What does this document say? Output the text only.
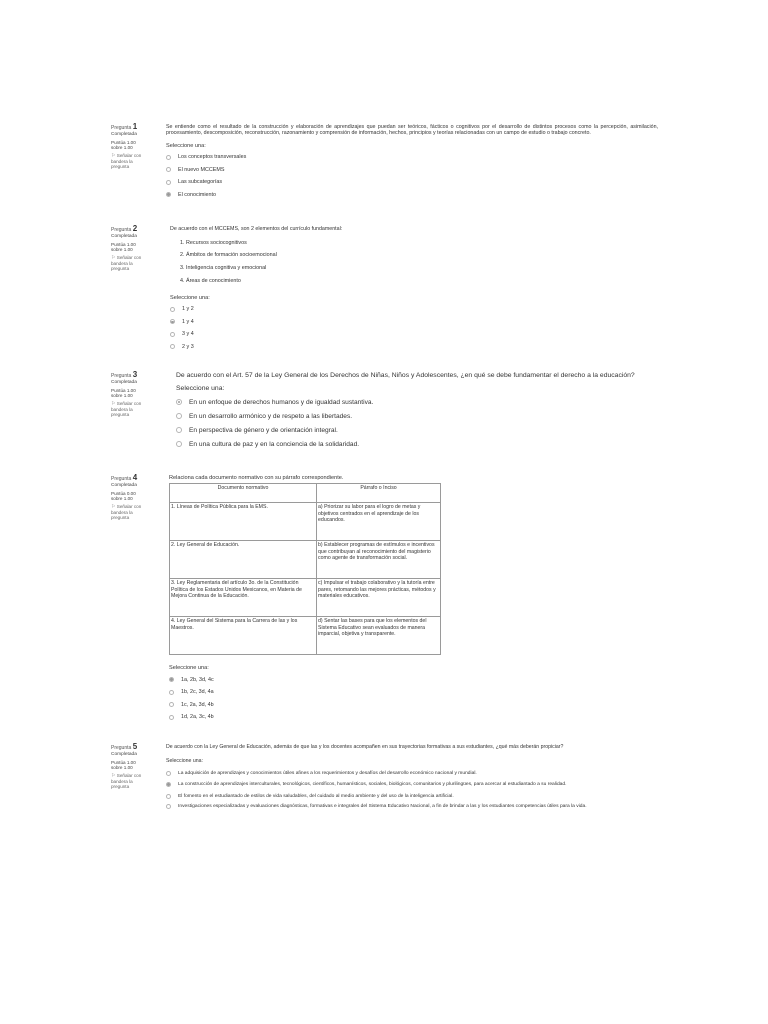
Pregunta 1
Completada
Puntúa 1.00
sobre 1.00
⚐ Señalar con
bandera la
pregunta
Se entiende como el resultado de la construcción y elaboración de aprendizajes que puedan ser teóricos, fácticos o cognitivos por el desarrollo de distintos procesos como la percepción, asimilación, procesamiento, descomposición, reconstrucción, razonamiento y comprensión de información, hechos, principios y teorías relacionadas con un campo de estudio o trabajo concreto.
Seleccione una:
Los conceptos transversales
El nuevo MCCEMS
Las subcategorías
El conocimiento
Pregunta 2
Completada
Puntúa 1.00
sobre 1.00
⚐ Señalar con
bandera la
pregunta
De acuerdo con el MCCEMS, son 2 elementos del currículo fundamental:
1. Recursos sociocognitivos
2. Ámbitos de formación socioemocional
3. Inteligencia cognitiva y emocional
4. Áreas de conocimiento
Seleccione una:
1 y 2
1 y 4
3 y 4
2 y 3
Pregunta 3
Completada
Puntúa 1.00
sobre 1.00
⚐ Señalar con
bandera la
pregunta
De acuerdo con el Art. 57 de la Ley General de los Derechos de Niñas, Niños y Adolescentes, ¿en qué se debe fundamentar el derecho a la educación?
Seleccione una:
En un enfoque de derechos humanos y de igualdad sustantiva.
En un desarrollo armónico y de respeto a las libertades.
En perspectiva de género y de orientación integral.
En una cultura de paz y en la conciencia de la solidaridad.
Pregunta 4
Completada
Puntúa 0.00
sobre 1.00
⚐ Señalar con
bandera la
pregunta
Relaciona cada documento normativo con su párrafo correspondiente.
Documento normativo	Párrafo o Inciso
1. Líneas de Política Pública para la EMS.	a) Priorizar su labor para el logro de metas y objetivos centrados en el aprendizaje de los educandos.
2. Ley General de Educación.	b) Establecer programas de estímulos e incentivos que contribuyan al reconocimiento del magisterio como agente de transformación social.
3. Ley Reglamentaria del artículo 3o. de la Constitución Política de los Estados Unidos Mexicanos, en Materia de Mejora Continua de la Educación.	c) Impulsar el trabajo colaborativo y la tutoría entre pares, retomando las mejores prácticas, métodos y materiales educativos.
4. Ley General del Sistema para la Carrera de las y los Maestros.	d) Sentar las bases para que los elementos del Sistema Educativo sean evaluados de manera imparcial, objetiva y transparente.
Seleccione una:
1a, 2b, 3d, 4c
1b, 2c, 3d, 4a
1c, 2a, 3d, 4b
1d, 2a, 3c, 4b
Pregunta 5
Completada
Puntúa 1.00
sobre 1.00
⚐ Señalar con
bandera la
pregunta
De acuerdo con la Ley General de Educación, además de que las y los docentes acompañen en sus trayectorias formativas a sus estudiantes, ¿qué más deberán propiciar?
Seleccione una:
La adquisición de aprendizajes y conocimientos útiles afines a los requerimientos y desafíos del desarrollo económico nacional y mundial.
La construcción de aprendizajes interculturales, tecnológicos, científicos, humanísticos, sociales, biológicos, comunitarios y plurilingües, para acercar al estudiantado a su realidad.
El fomento en el estudiantado de estilos de vida saludables, del cuidado al medio ambiente y del uso de la inteligencia artificial.
Investigaciones especializadas y evaluaciones diagnósticas, formativas e integrales del Sistema Educativo Nacional, a fin de brindar a las y los estudiantes competencias útiles para la vida.
